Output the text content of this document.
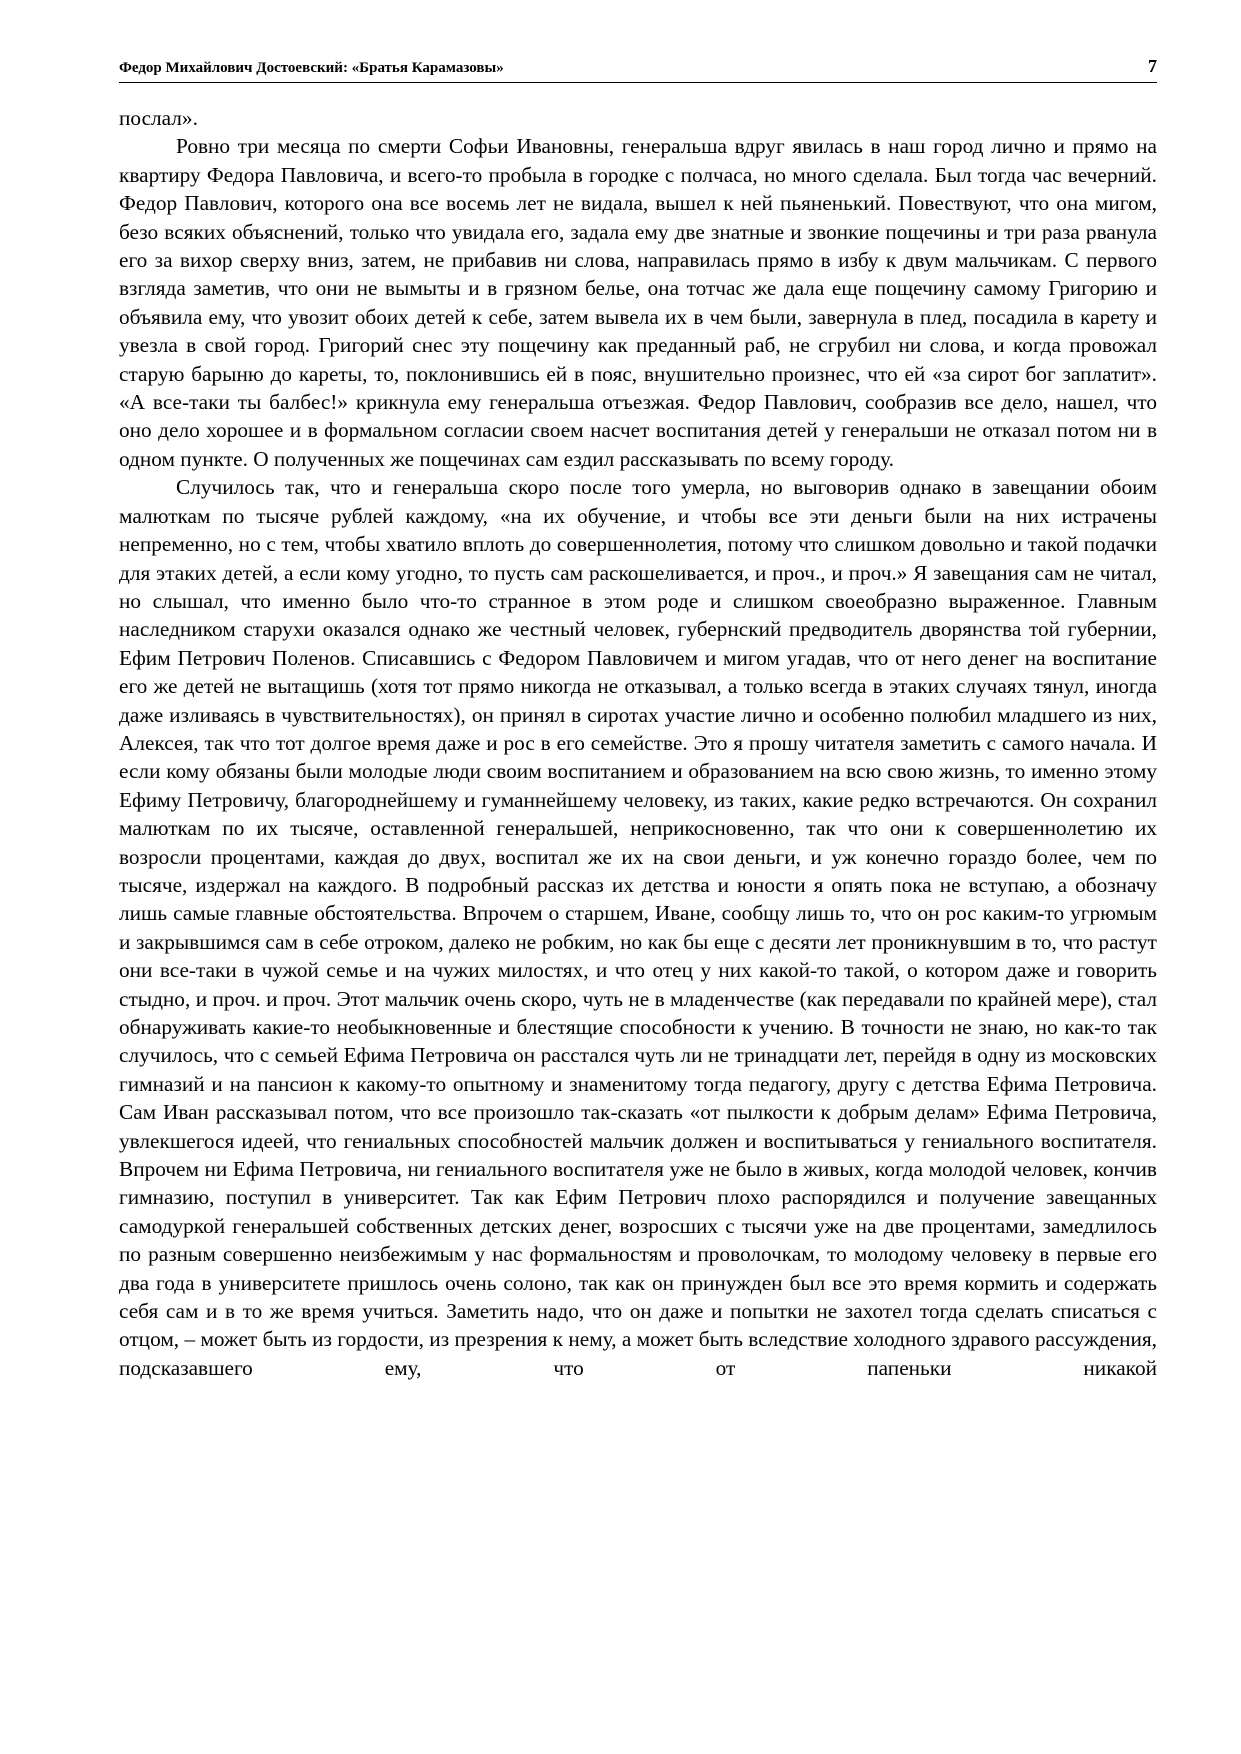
Федор Михайлович Достоевский: «Братья Карамазовы»	7

послал».

Ровно три месяца по смерти Софьи Ивановны, генеральша вдруг явилась в наш город лично и прямо на квартиру Федора Павловича, и всего-то пробыла в городке с полчаса, но много сделала. Был тогда час вечерний. Федор Павлович, которого она все восемь лет не видала, вышел к ней пьяненький. Повествуют, что она мигом, безо всяких объяснений, только что увидала его, задала ему две знатные и звонкие пощечины и три раза рванула его за вихор сверху вниз, затем, не прибавив ни слова, направилась прямо в избу к двум мальчикам. С первого взгляда заметив, что они не вымыты и в грязном белье, она тотчас же дала еще пощечину самому Григорию и объявила ему, что увозит обоих детей к себе, затем вывела их в чем были, завернула в плед, посадила в карету и увезла в свой город. Григорий снес эту пощечину как преданный раб, не сгрубил ни слова, и когда провожал старую барыню до кареты, то, поклонившись ей в пояс, внушительно произнес, что ей «за сирот бог заплатит». «А все-таки ты балбес!» крикнула ему генеральша отъезжая. Федор Павлович, сообразив все дело, нашел, что оно дело хорошее и в формальном согласии своем насчет воспитания детей у генеральши не отказал потом ни в одном пункте. О полученных же пощечинах сам ездил рассказывать по всему городу.

Случилось так, что и генеральша скоро после того умерла, но выговорив однако в завещании обоим малюткам по тысяче рублей каждому, «на их обучение, и чтобы все эти деньги были на них истрачены непременно, но с тем, чтобы хватило вплоть до совершеннолетия, потому что слишком довольно и такой подачки для этаких детей, а если кому угодно, то пусть сам раскошеливается, и проч., и проч.» Я завещания сам не читал, но слышал, что именно было что-то странное в этом роде и слишком своеобразно выраженное. Главным наследником старухи оказался однако же честный человек, губернский предводитель дворянства той губернии, Ефим Петрович Поленов. Списавшись с Федором Павловичем и мигом угадав, что от него денег на воспитание его же детей не вытащишь (хотя тот прямо никогда не отказывал, а только всегда в этаких случаях тянул, иногда даже изливаясь в чувствительностях), он принял в сиротах участие лично и особенно полюбил младшего из них, Алексея, так что тот долгое время даже и рос в его семействе. Это я прошу читателя заметить с самого начала. И если кому обязаны были молодые люди своим воспитанием и образованием на всю свою жизнь, то именно этому Ефиму Петровичу, благороднейшему и гуманнейшему человеку, из таких, какие редко встречаются. Он сохранил малюткам по их тысяче, оставленной генеральшей, неприкосновенно, так что они к совершеннолетию их возросли процентами, каждая до двух, воспитал же их на свои деньги, и уж конечно гораздо более, чем по тысяче, издержал на каждого. В подробный рассказ их детства и юности я опять пока не вступаю, а обозначу лишь самые главные обстоятельства. Впрочем о старшем, Иване, сообщу лишь то, что он рос каким-то угрюмым и закрывшимся сам в себе отроком, далеко не робким, но как бы еще с десяти лет проникнувшим в то, что растут они все-таки в чужой семье и на чужих милостях, и что отец у них какой-то такой, о котором даже и говорить стыдно, и проч. и проч. Этот мальчик очень скоро, чуть не в младенчестве (как передавали по крайней мере), стал обнаруживать какие-то необыкновенные и блестящие способности к учению. В точности не знаю, но как-то так случилось, что с семьей Ефима Петровича он расстался чуть ли не тринадцати лет, перейдя в одну из московских гимназий и на пансион к какому-то опытному и знаменитому тогда педагогу, другу с детства Ефима Петровича. Сам Иван рассказывал потом, что все произошло так-сказать «от пылкости к добрым делам» Ефима Петровича, увлекшегося идеей, что гениальных способностей мальчик должен и воспитываться у гениального воспитателя. Впрочем ни Ефима Петровича, ни гениального воспитателя уже не было в живых, когда молодой человек, кончив гимназию, поступил в университет. Так как Ефим Петрович плохо распорядился и получение завещанных самодуркой генеральшей собственных детских денег, возросших с тысячи уже на две процентами, замедлилось по разным совершенно неизбежимым у нас формальностям и проволочкам, то молодому человеку в первые его два года в университете пришлось очень солоно, так как он принужден был все это время кормить и содержать себя сам и в то же время учиться. Заметить надо, что он даже и попытки не захотел тогда сделать списаться с отцом, – может быть из гордости, из презрения к нему, а может быть вследствие холодного здравого рассуждения, подсказавшего ему, что от папеньки никакой
